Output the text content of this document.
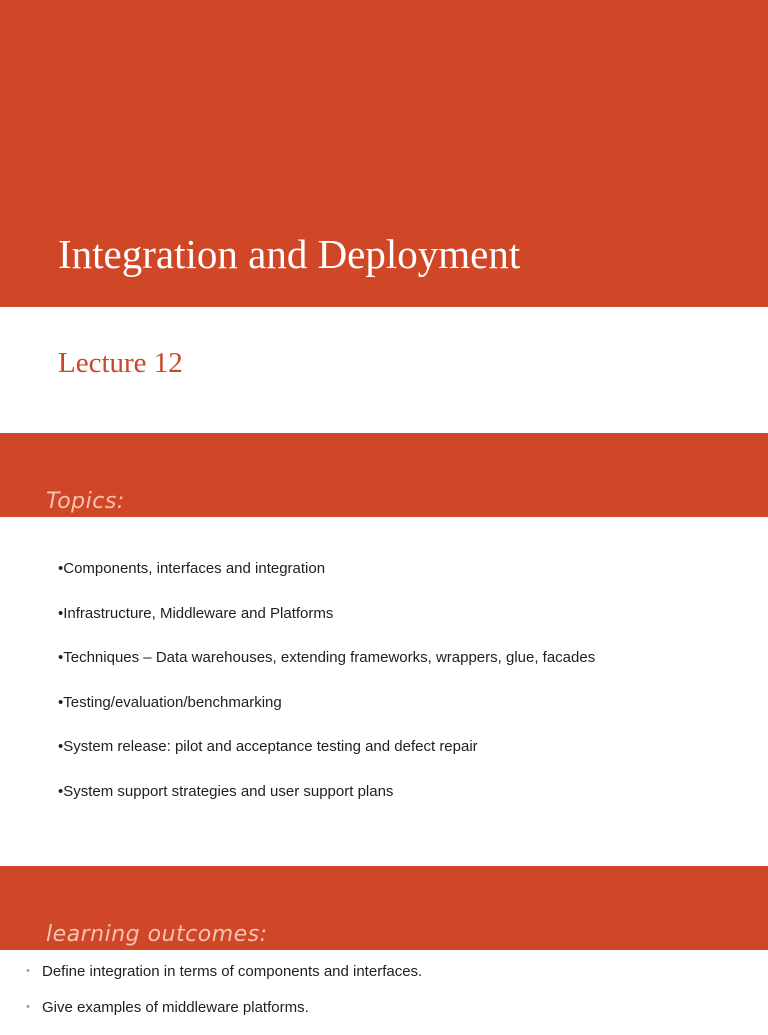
Integration and Deployment
Lecture 12
Topics:
•Components, interfaces and integration
•Infrastructure, Middleware and Platforms
•Techniques – Data warehouses, extending frameworks, wrappers, glue, facades
•Testing/evaluation/benchmarking
•System release: pilot and acceptance testing and defect repair
•System support strategies and user support plans
learning outcomes:
• Define integration in terms of components and interfaces.
• Give examples of middleware platforms.
